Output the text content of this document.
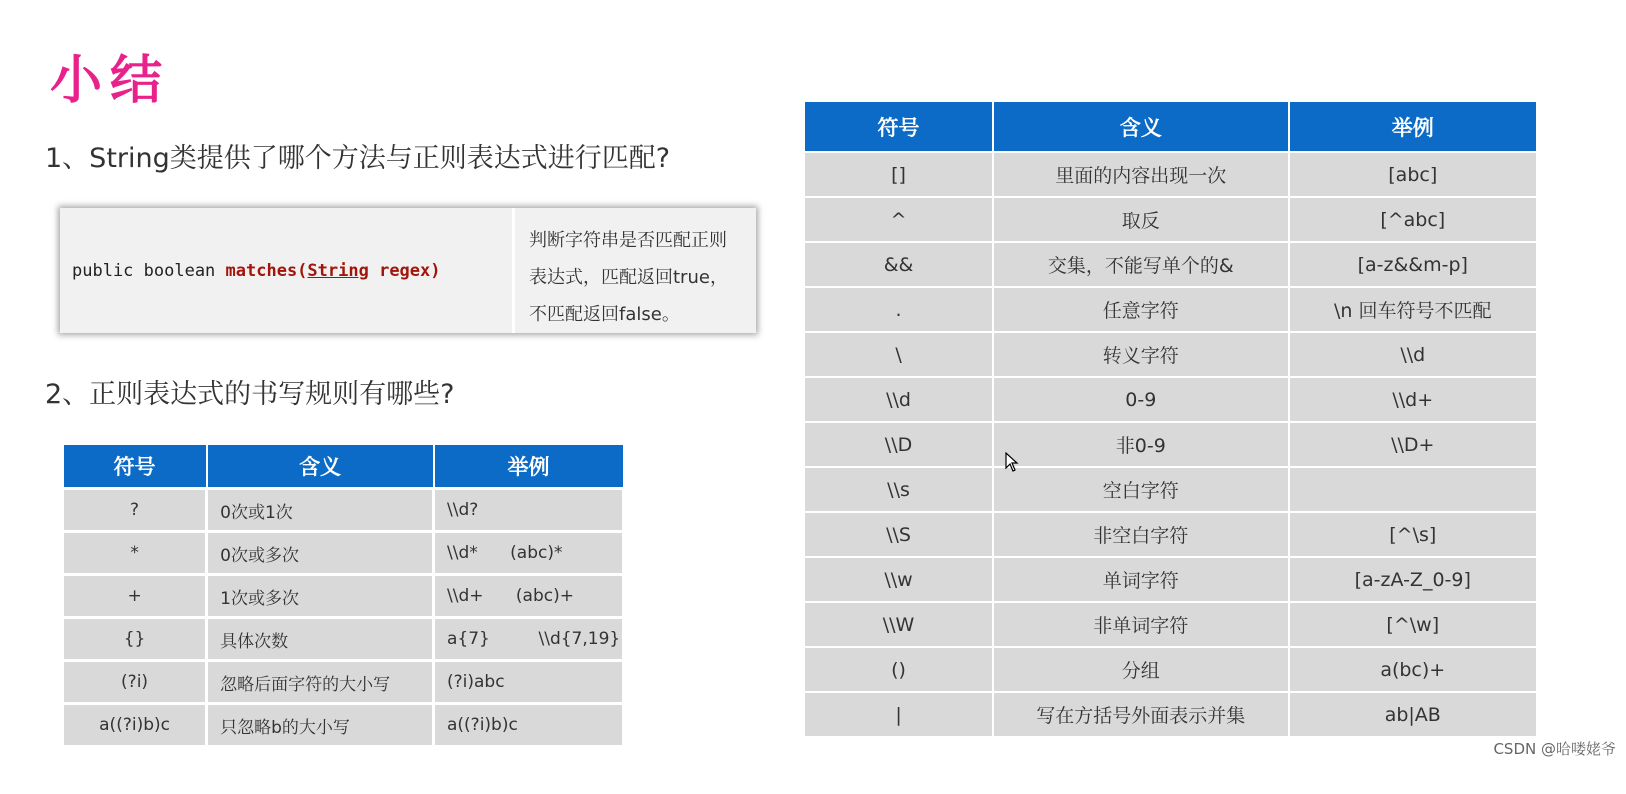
小结
1、String类提供了哪个方法与正则表达式进行匹配?
public boolean matches( String regex)
判断字符串是否匹配正则
表达式，匹配返回true，
不匹配返回false。
2、正则表达式的书写规则有哪些?
符号	含义	举例
?	0次或1次	\\d?
*	0次或多次	\\d*      (abc)*
+	1次或多次	\\d+      (abc)+
{}	具体次数	a{7}         \\d{7,19}
(?i)	忽略后面字符的大小写	(?i)abc
a((?i)b)c	只忽略b的大小写	a((?i)b)c
符号	含义	举例
[]	里面的内容出现一次	[abc]
^	取反	[^abc]
&&	交集，不能写单个的&	[a-z&&m-p]
.	任意字符	\n 回车符号不匹配
\	转义字符	\\d
\\d	0-9	\\d+
\\D	非0-9	\\D+
\\s	空白字符	
\\S	非空白字符	[^\s]
\\w	单词字符	[a-zA-Z_0-9]
\\W	非单词字符	[^\w]
()	分组	a(bc)+
|	写在方括号外面表示并集	ab|AB
CSDN @哈喽姥爷
